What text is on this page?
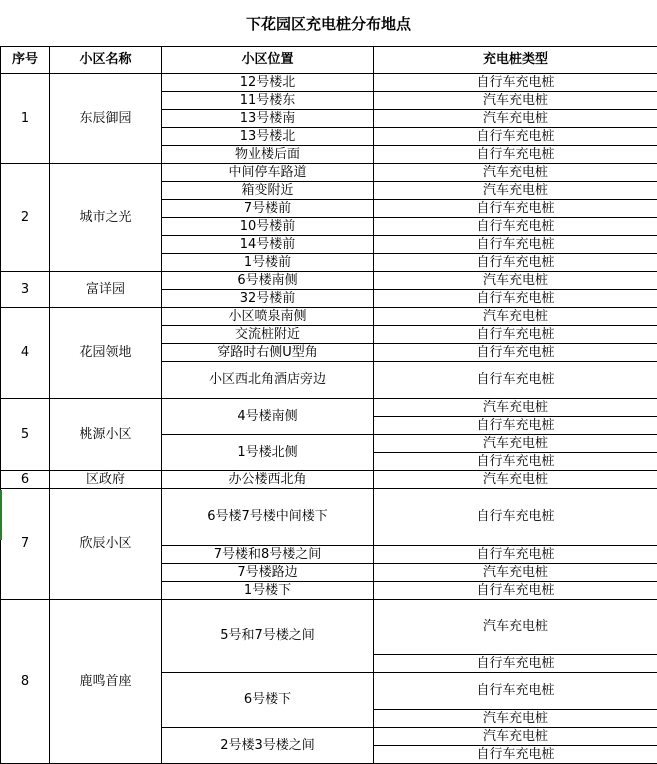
下花园区充电桩分布地点
序号	小区名称	小区位置	充电桩类型
1	东辰御园	12号楼北	自行车充电桩
		11号楼东	汽车充电桩
		13号楼南	汽车充电桩
		13号楼北	自行车充电桩
		物业楼后面	自行车充电桩
2	城市之光	中间停车路道	汽车充电桩
		箱变附近	汽车充电桩
		7号楼前	自行车充电桩
		10号楼前	自行车充电桩
		14号楼前	自行车充电桩
		1号楼前	自行车充电桩
3	富详园	6号楼南侧	汽车充电桩
		32号楼前	自行车充电桩
4	花园领地	小区喷泉南侧	汽车充电桩
		交流桩附近	自行车充电桩
		穿路时右侧U型角	自行车充电桩
		小区西北角酒店旁边	自行车充电桩
5	桃源小区	4号楼南侧	汽车充电桩
			自行车充电桩
		1号楼北侧	汽车充电桩
			自行车充电桩
6	区政府	办公楼西北角	汽车充电桩
7	欣辰小区	6号楼7号楼中间楼下	自行车充电桩
		7号楼和8号楼之间	自行车充电桩
		7号楼路边	汽车充电桩
		1号楼下	自行车充电桩
8	鹿鸣首座	5号和7号楼之间	汽车充电桩
			自行车充电桩
		6号楼下	自行车充电桩
			汽车充电桩
		2号楼3号楼之间	汽车充电桩
			自行车充电桩
